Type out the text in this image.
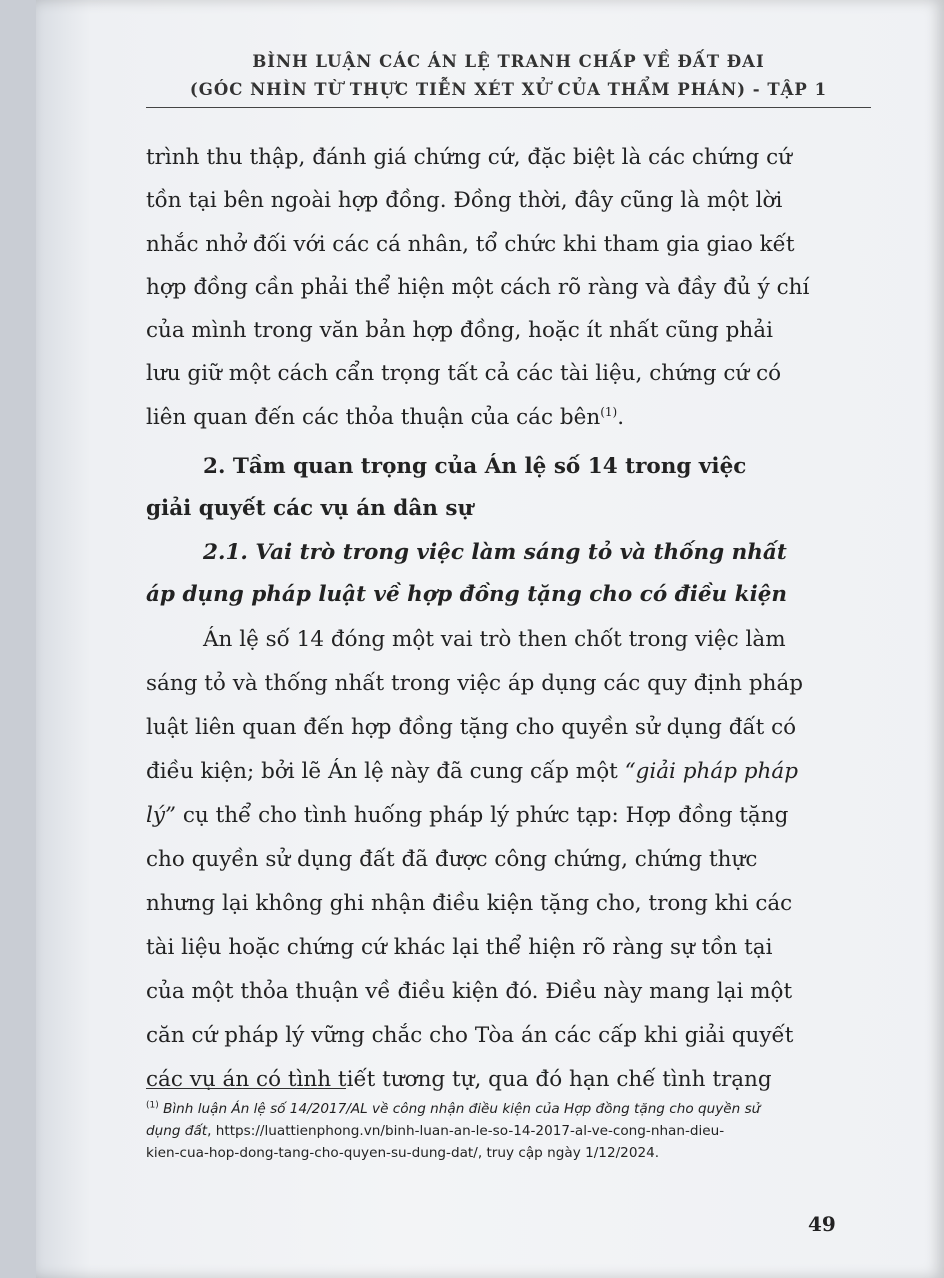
BÌNH LUẬN CÁC ÁN LỆ TRANH CHẤP VỀ ĐẤT ĐAI
(GÓC NHÌN TỪ THỰC TIỄN XÉT XỬ CỦA THẨM PHÁN) - TẬP 1
trình thu thập, đánh giá chứng cứ, đặc biệt là các chứng cứ
tồn tại bên ngoài hợp đồng. Đồng thời, đây cũng là một lời
nhắc nhở đối với các cá nhân, tổ chức khi tham gia giao kết
hợp đồng cần phải thể hiện một cách rõ ràng và đầy đủ ý chí
của mình trong văn bản hợp đồng, hoặc ít nhất cũng phải
lưu giữ một cách cẩn trọng tất cả các tài liệu, chứng cứ có
liên quan đến các thỏa thuận của các bên$^{(1)}$.
2. Tầm quan trọng của Án lệ số 14 trong việc
giải quyết các vụ án dân sự
2.1. Vai trò trong việc làm sáng tỏ và thống nhất
áp dụng pháp luật về hợp đồng tặng cho có điều kiện
Án lệ số 14 đóng một vai trò then chốt trong việc làm
sáng tỏ và thống nhất trong việc áp dụng các quy định pháp
luật liên quan đến hợp đồng tặng cho quyền sử dụng đất có
điều kiện; bởi lẽ Án lệ này đã cung cấp một “giải pháp pháp
lý” cụ thể cho tình huống pháp lý phức tạp: Hợp đồng tặng
cho quyền sử dụng đất đã được công chứng, chứng thực
nhưng lại không ghi nhận điều kiện tặng cho, trong khi các
tài liệu hoặc chứng cứ khác lại thể hiện rõ ràng sự tồn tại
của một thỏa thuận về điều kiện đó. Điều này mang lại một
căn cứ pháp lý vững chắc cho Tòa án các cấp khi giải quyết
các vụ án có tình tiết tương tự, qua đó hạn chế tình trạng
$^{(1)}$ Bình luận Án lệ số 14/2017/AL về công nhận điều kiện của Hợp đồng tặng cho quyền sử
dụng đất, https://luattienphong.vn/binh-luan-an-le-so-14-2017-al-ve-cong-nhan-dieu-
kien-cua-hop-dong-tang-cho-quyen-su-dung-dat/, truy cập ngày 1/12/2024.
49
